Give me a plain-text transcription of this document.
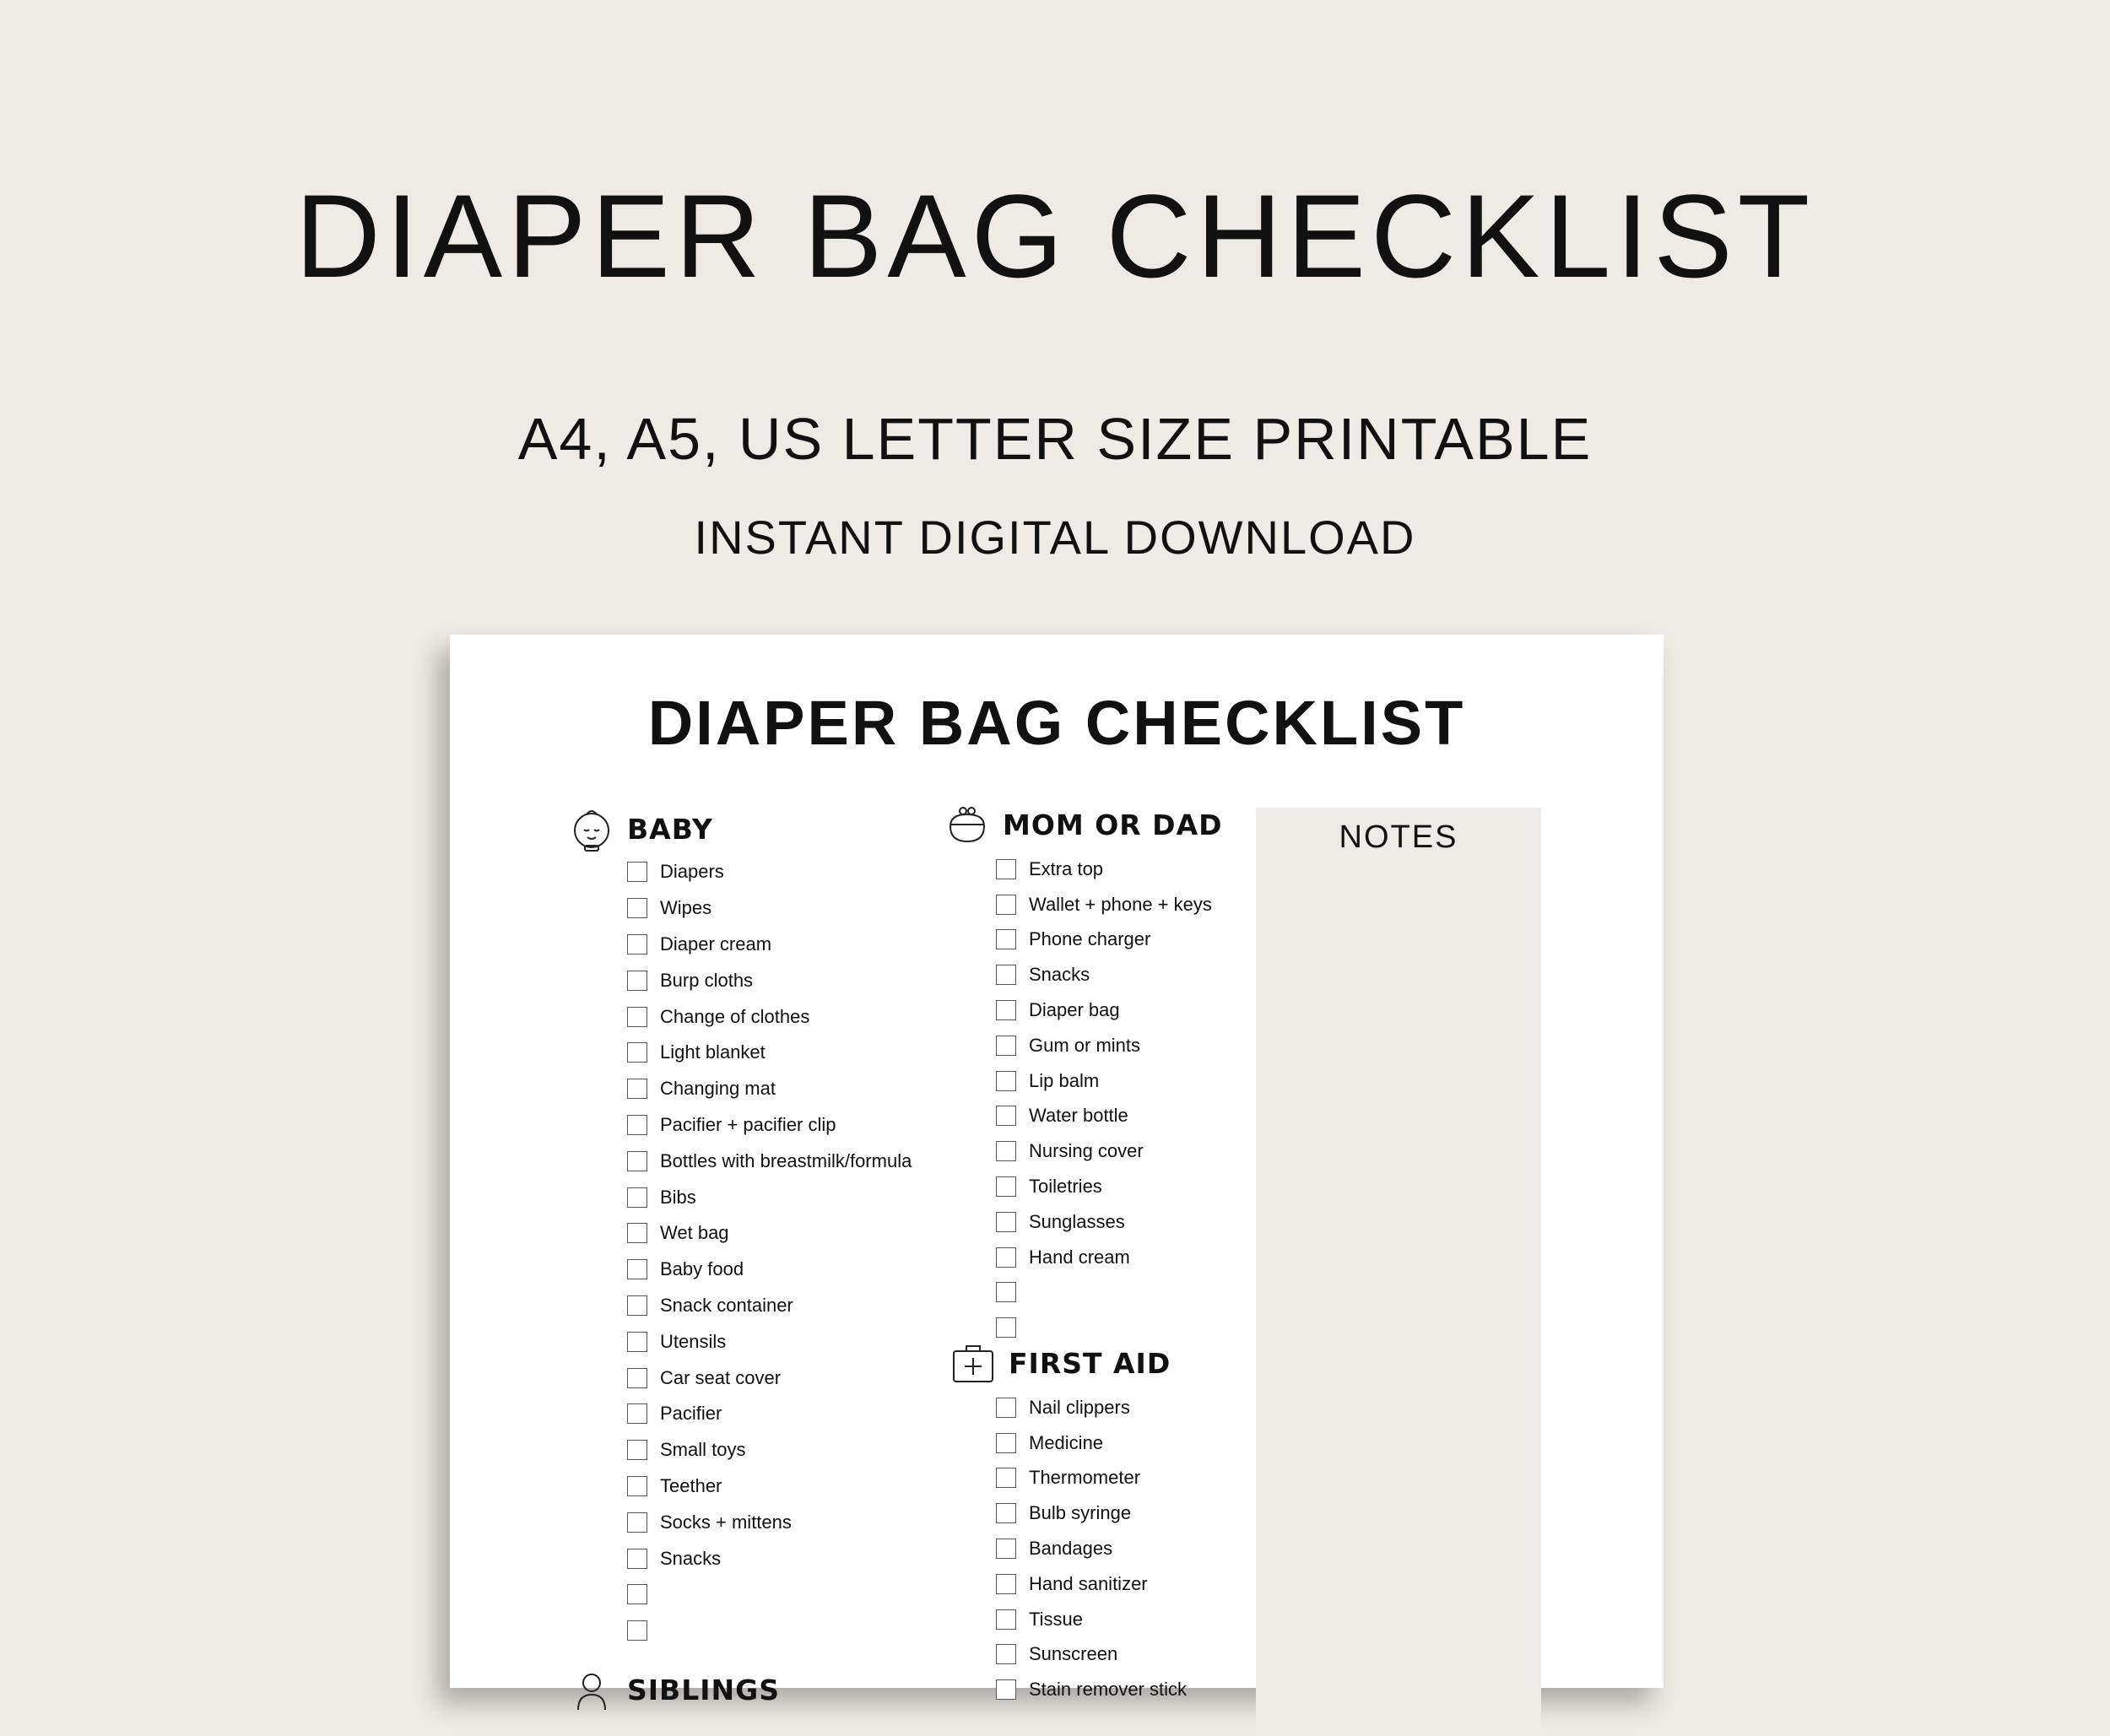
DIAPER BAG CHECKLIST

A4, A5, US LETTER SIZE PRINTABLE

INSTANT DIGITAL DOWNLOAD

DIAPER BAG CHECKLIST
BABY
Diapers
Wipes
Diaper cream
Burp cloths
Change of clothes
Light blanket
Changing mat
Pacifier + pacifier clip
Bottles with breastmilk/formula
Bibs
Wet bag
Baby food
Snack container
Utensils
Car seat cover
Pacifier
Small toys
Teether
Socks + mittens
Snacks
MOM OR DAD
Extra top
Wallet + phone + keys
Phone charger
Snacks
Diaper bag
Gum or mints
Lip balm
Water bottle
Nursing cover
Toiletries
Sunglasses
Hand cream
FIRST AID
Nail clippers
Medicine
Thermometer
Bulb syringe
Bandages
Hand sanitizer
Tissue
Sunscreen
Stain remover stick
SIBLINGS
NOTES
